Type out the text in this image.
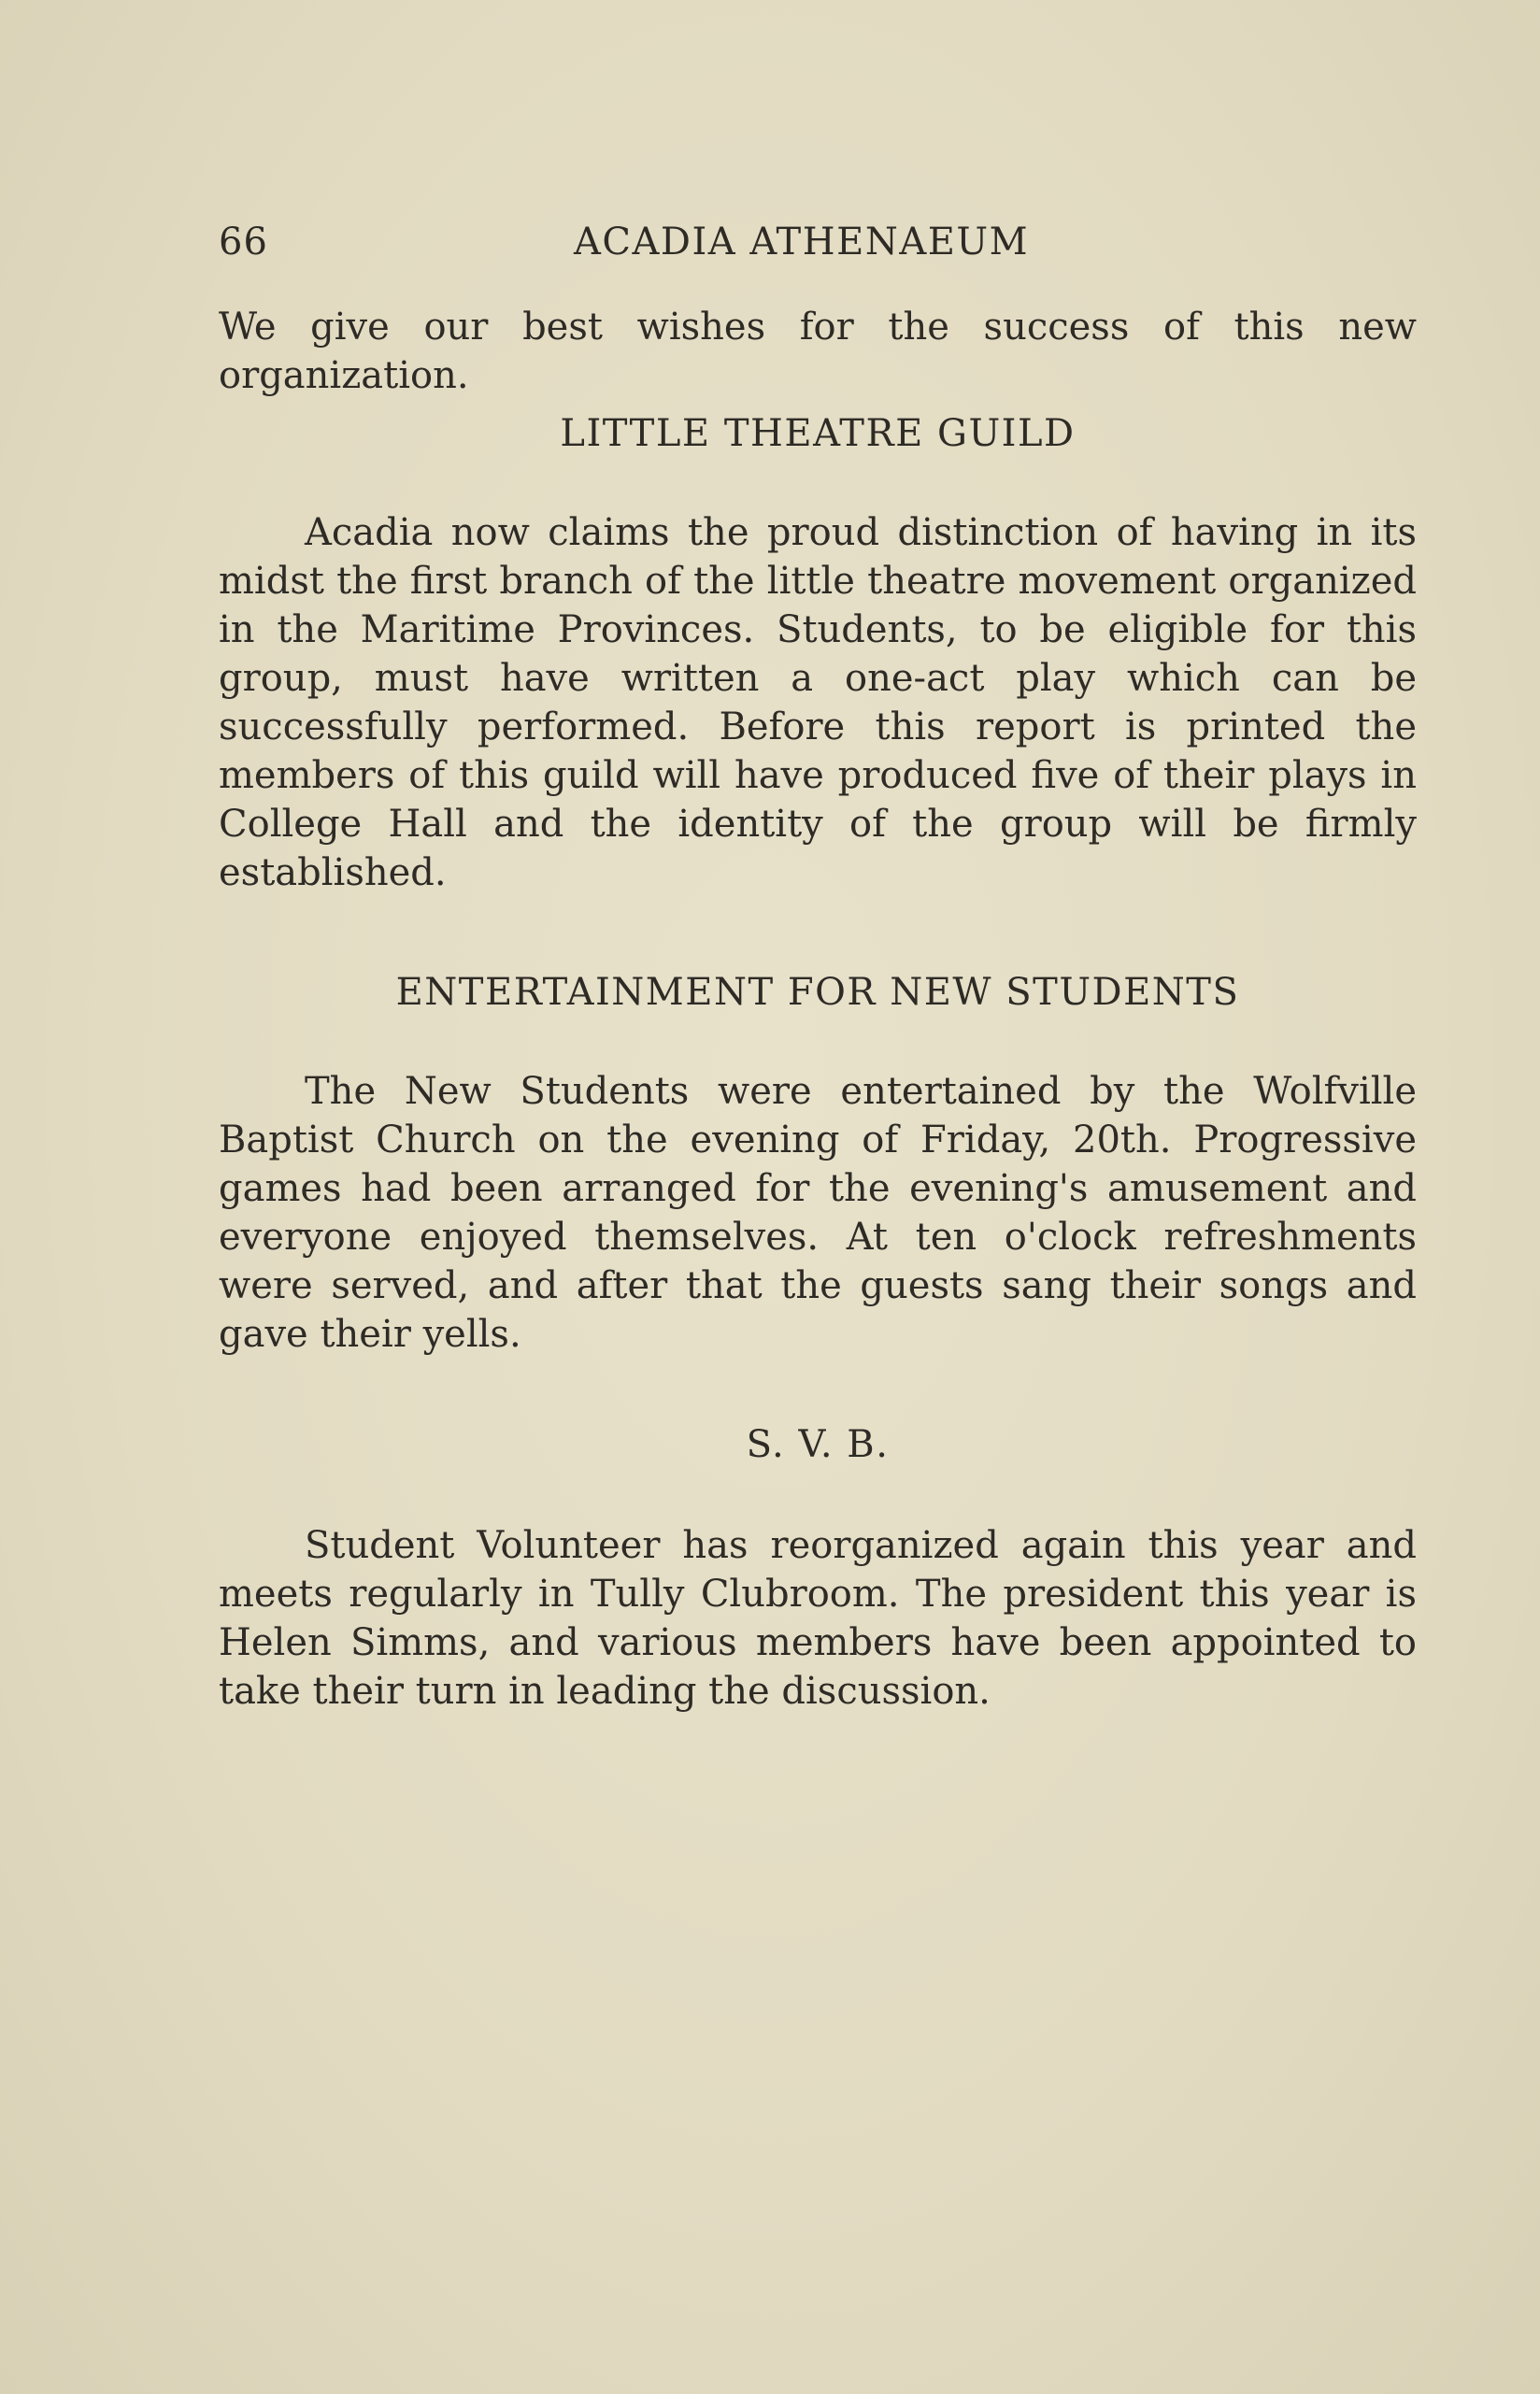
66	ACADIA ATHENAEUM

We give our best wishes for the success of this new organization.

LITTLE THEATRE GUILD

Acadia now claims the proud distinction of having in its midst the first branch of the little theatre movement organized in the Maritime Provinces. Students, to be eligible for this group, must have written a one-act play which can be successfully performed. Before this report is printed the members of this guild will have produced five of their plays in College Hall and the identity of the group will be firmly established.

ENTERTAINMENT FOR NEW STUDENTS

The New Students were entertained by the Wolfville Baptist Church on the evening of Friday, 20th. Progressive games had been arranged for the evening's amusement and everyone enjoyed themselves. At ten o'clock refreshments were served, and after that the guests sang their songs and gave their yells.

S. V. B.

Student Volunteer has reorganized again this year and meets regularly in Tully Clubroom. The president this year is Helen Simms, and various members have been appointed to take their turn in leading the discussion.
